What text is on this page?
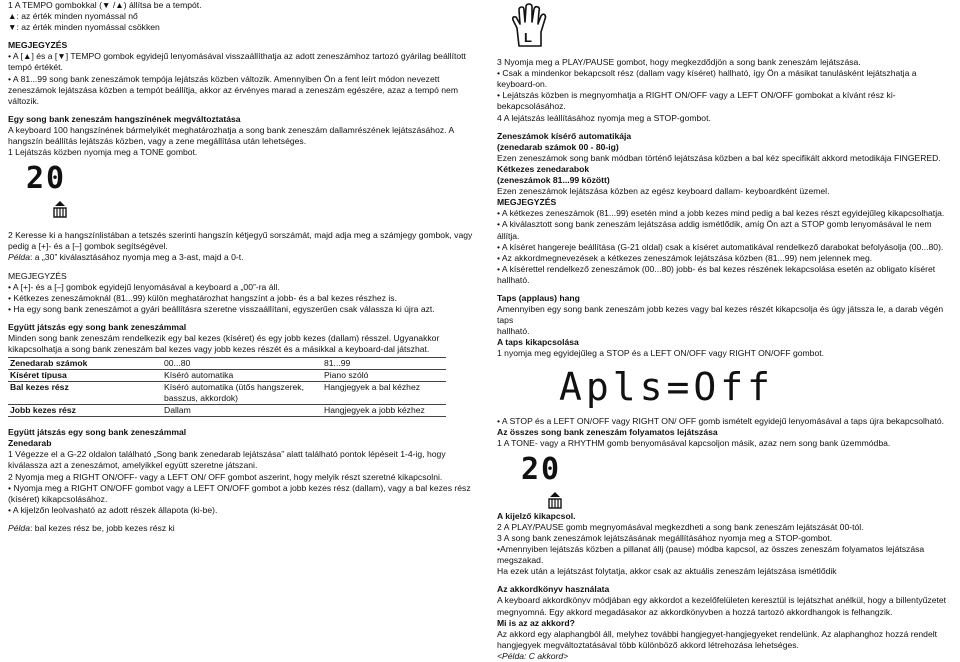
1 A TEMPO gombokkal (▼ /▲) állítsa be a tempót.

▲: az érték minden nyomással nő

▼: az érték minden nyomással csökken

MEGJEGYZÉS

• A [▲] és a [▼] TEMPO gombok egyidejű lenyomásával visszaállíthatja az adott zeneszámhoz tartozó gyárilag beállított

tempó értékét.

• A 81...99 song bank zeneszámok tempója lejátszás közben változik. Amennyiben Ön a fent leírt módon nevezett

zeneszámok lejátszása közben a tempót beállítja, akkor az érvényes marad a zeneszám egészére, azaz a tempó nem

változik.

Egy song bank zeneszám hangszínének megváltoztatása

A keyboard 100 hangszínének bármelyikét meghatározhatja a song bank zeneszám dallamrészének lejátszásához. A

hangszín beállítás lejátszás közben, vagy a zene megállítása után lehetséges.

1 Lejátszás közben nyomja meg a TONE gombot.

20

2 Keresse ki a hangszínlistában a tetszés szerinti hangszín kétjegyű sorszámát, majd adja meg a számjegy gombok, vagy

pedig a [+]- és a [–] gombok segítségével.

Példa: a „30” kiválasztásához nyomja meg a 3-ast, majd a 0-t.

MEGJEGYZÉS

• A [+]- és a [–] gombok egyidejű lenyomásával a keyboard a „00”-ra áll.

• Kétkezes zeneszámoknál (81...99) külön meghatározhat hangszínt a jobb- és a bal kezes részhez is.

• Ha egy song bank zeneszámot a gyári beállításra szeretne visszaállítani, egyszerűen csak válassza ki újra azt.

Együtt játszás egy song bank zeneszámmal

Minden song bank zeneszám rendelkezik egy bal kezes (kíséret) és egy jobb kezes (dallam) résszel. Ugyanakkor

kikapcsolhatja a song bank zeneszám bal kezes vagy jobb kezes részét és a másikkal a keyboard-dal játszhat.

Zenedarab számok	00...80		81...99
Kíséret típusa	Kíséró automatika		Piano szóló
Bal kezes rész	Kíséró automatika (ütős hangszerek, basszus, akkordok)		Hangjegyek a bal kézhez
Jobb kezes rész	Dallam		Hangjegyek a jobb kézhez

Együtt játszás egy song bank zeneszámmal

Zenedarab

1 Végezze el a G-22 oldalon található „Song bank zenedarab lejátszása” alatt található pontok lépéseit 1-4-ig, hogy

kiválassza azt a zeneszámot, amelyikkel együtt szeretne játszani.

2 Nyomja meg a RIGHT ON/OFF- vagy a LEFT ON/ OFF gombot aszerint, hogy melyik részt szeretné kikapcsolni.

• Nyomja meg a RIGHT ON/OFF gombot vagy a LEFT ON/OFF gombot a jobb kezes rész (dallam), vagy a bal kezes rész

(kíséret) kikapcsolásához.

• A kijelzőn leolvasható az adott részek állapota (ki-be).

Példa: bal kezes rész be, jobb kezes rész ki

L

3 Nyomja meg a PLAY/PAUSE gombot, hogy megkezdődjön a song bank zeneszám lejátszása.

• Csak a mindenkor bekapcsolt rész (dallam vagy kíséret) hallható, így Ön a másikat tanulásként lejátszhatja a keyboard-on.

• Lejátszás közben is megnyomhatja a RIGHT ON/OFF vagy a LEFT ON/OFF gombokat a kívánt rész ki-bekapcsolásához.

4 A lejátszás leállításához nyomja meg a STOP-gombot.

Zeneszámok kísérő automatikája

(zenedarab számok 00 - 80-ig)

Ezen zeneszámok song bank módban történő lejátszása közben a bal kéz specifikált akkord metodikája FINGERED.

Kétkezes zenedarabok

(zeneszámok 81...99 között)

Ezen zeneszámok lejátszása közben az egész keyboard dallam- keyboardként üzemel.

MEGJEGYZÉS

• A kétkezes zeneszámok (81...99) esetén mind a jobb kezes mind pedig a bal kezes részt egyidejűleg kikapcsolhatja.

• A kiválasztott song bank zeneszám lejátszása addig ismétlődik, amíg Ön azt a STOP gomb lenyomásával le nem állítja.

• A kíséret hangereje beállítása (G-21 oldal) csak a kíséret automatikával rendelkező darabokat befolyásolja (00...80).

• Az akkordmegnevezések a kétkezes zeneszámok lejátszása közben (81...99) nem jelennek meg.

• A kísérettel rendelkező zeneszámok (00...80) jobb- és bal kezes részének lekapcsolása esetén az obligato kíséret hallható.

Taps (applaus) hang

Amennyiben egy song bank zeneszám jobb kezes vagy bal kezes részét kikapcsolja és úgy játssza le, a darab végén taps

hallható.

A taps kikapcsolása

1 nyomja meg egyidejűleg a STOP és a LEFT ON/OFF vagy RIGHT ON/OFF gombot.

Apls=Off

• A STOP és a LEFT ON/OFF vagy RIGHT ON/ OFF gomb ismételt egyidejű lenyomásával a taps újra bekapcsolható.

Az összes song bank zeneszám folyamatos lejátszása

1 A TONE- vagy a RHYTHM gomb benyomásával kapcsoljon másik, azaz nem song bank üzemmódba.

20

A kijelző kikapcsol.

2 A PLAY/PAUSE gomb megnyomásával megkezdheti a song bank zeneszám lejátszását 00-tól.

3 A song bank zeneszámok lejátszásának megállításához nyomja meg a STOP-gombot.

•Amennyiben lejátszás közben a pillanat állj (pause) módba kapcsol, az összes zeneszám folyamatos lejátszása megszakad.

Ha ezek után a lejátszást folytatja, akkor csak az aktuális zeneszám lejátszása ismétlődik

Az akkordkönyv használata

A keyboard akkordkönyv módjában egy akkordot a kezelőfelületen keresztül is lejátszhat anélkül, hogy a billentyűzetet

megnyomná. Egy akkord megadásakor az akkordkönyvben a hozzá tartozó akkordhangok is felhangzik.

Mi is az az akkord?

Az akkord egy alaphangból áll, melyhez további hangjegyet-hangjegyeket rendelünk. Az alaphanghoz hozzá rendelt

hangjegyek megváltoztatásával több különböző akkord létrehozása lehetséges.

<Példa: C akkord>
